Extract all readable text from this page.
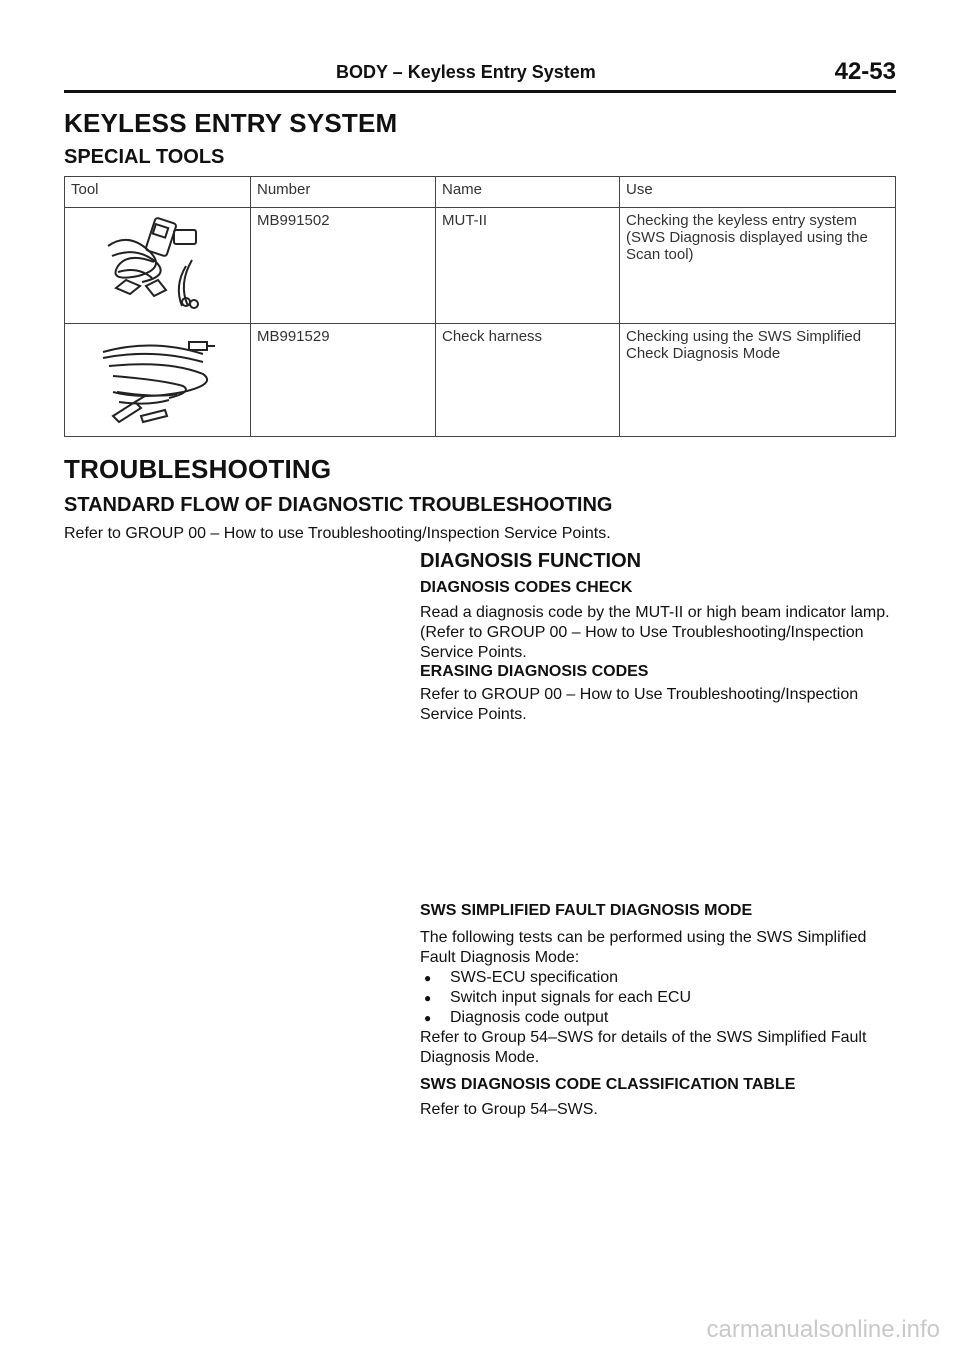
BODY – Keyless Entry System	42-53
KEYLESS ENTRY SYSTEM
SPECIAL TOOLS
Tool	Number	Name	Use

	MB991502	MUT-II	Checking the keyless entry system (SWS Diagnosis displayed using the Scan tool)

	MB991529	Check harness	Checking using the SWS Simplified Check Diagnosis Mode
TROUBLESHOOTING
STANDARD FLOW OF DIAGNOSTIC TROUBLESHOOTING
Refer to GROUP 00 – How to use Troubleshooting/Inspection Service Points.
DIAGNOSIS FUNCTION
DIAGNOSIS CODES CHECK
Read a diagnosis code by the MUT-II or high beam indicator lamp.
(Refer to GROUP 00 – How to Use Troubleshooting/Inspection Service Points.
ERASING DIAGNOSIS CODES
Refer to GROUP 00 – How to Use Troubleshooting/Inspection Service Points.
SWS SIMPLIFIED FAULT DIAGNOSIS MODE
The following tests can be performed using the SWS Simplified Fault Diagnosis Mode:
● SWS-ECU specification
● Switch input signals for each ECU
● Diagnosis code output
Refer to Group 54–SWS for details of the SWS Simplified Fault Diagnosis Mode.
SWS DIAGNOSIS CODE CLASSIFICATION TABLE
Refer to Group 54–SWS.
carmanualsonline.info
